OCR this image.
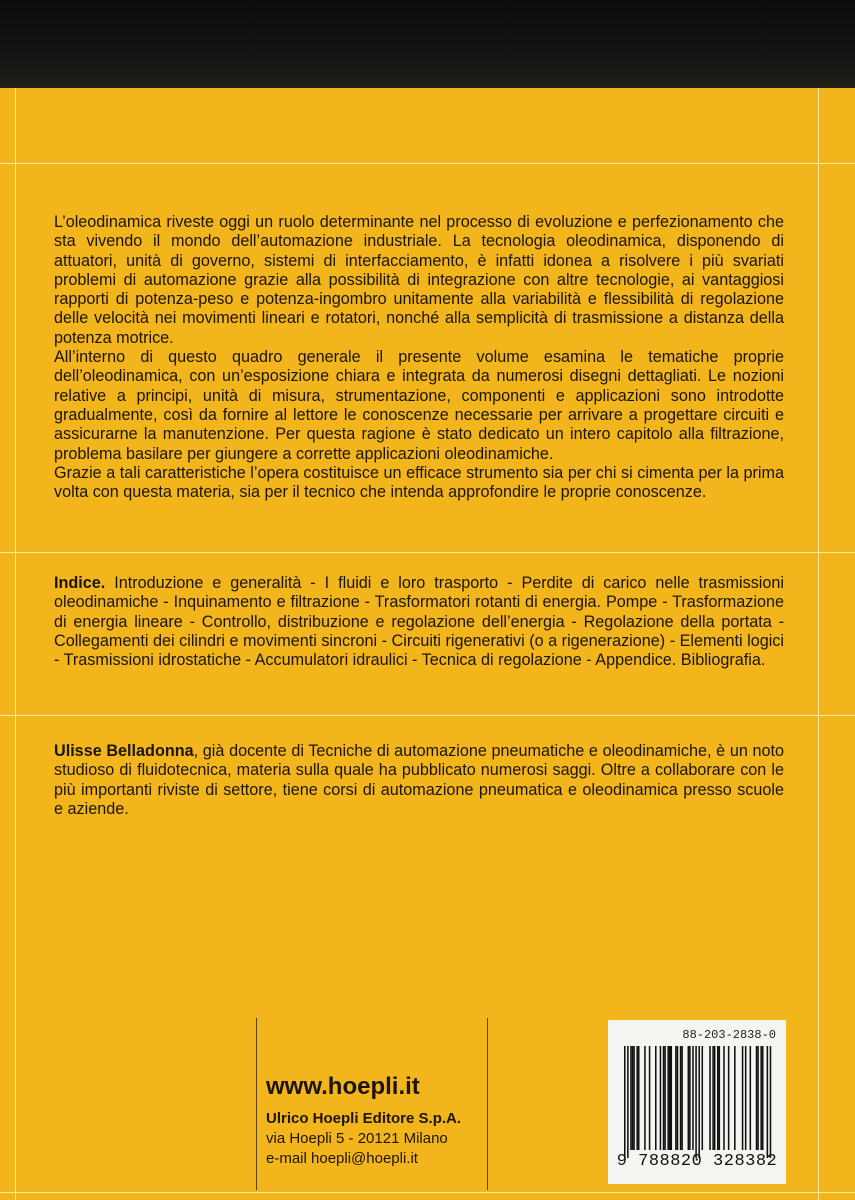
L’oleodinamica riveste oggi un ruolo determinante nel processo di evoluzione e perfezionamento che sta vivendo il mondo dell’automazione industriale. La tecnologia oleodinamica, disponendo di attuatori, unità di governo, sistemi di interfacciamento, è infatti idonea a risolvere i più svariati problemi di automazione grazie alla possibilità di integrazione con altre tecnologie, ai vantaggiosi rapporti di potenza-peso e potenza-ingombro unitamente alla variabilità e flessibilità di regolazione delle velocità nei movimenti lineari e rotatori, nonché alla semplicità di trasmissione a distanza della potenza motrice.

All’interno di questo quadro generale il presente volume esamina le tematiche proprie dell’oleodinamica, con un’esposizione chiara e integrata da numerosi disegni dettagliati. Le nozioni relative a principi, unità di misura, strumentazione, componenti e applicazioni sono introdotte gradualmente, così da fornire al lettore le conoscenze necessarie per arrivare a progettare circuiti e assicurarne la manutenzione. Per questa ragione è stato dedicato un intero capitolo alla filtrazione, problema basilare per giungere a corrette applicazioni oleodinamiche.

Grazie a tali caratteristiche l’opera costituisce un efficace strumento sia per chi si cimenta per la prima volta con questa materia, sia per il tecnico che intenda approfondire le proprie conoscenze.

Indice. Introduzione e generalità - I fluidi e loro trasporto - Perdite di carico nelle trasmissioni oleodinamiche - Inquinamento e filtrazione - Trasformatori rotanti di energia. Pompe - Trasformazione di energia lineare - Controllo, distribuzione e regolazione dell’energia - Regolazione della portata - Collegamenti dei cilindri e movimenti sincroni - Circuiti rigenerativi (o a rigenerazione) - Elementi logici - Trasmissioni idrostatiche - Accumulatori idraulici - Tecnica di regolazione - Appendice. Bibliografia.

Ulisse Belladonna, già docente di Tecniche di automazione pneumatiche e oleodinamiche, è un noto studioso di fluidotecnica, materia sulla quale ha pubblicato numerosi saggi. Oltre a collaborare con le più importanti riviste di settore, tiene corsi di automazione pneumatica e oleodinamica presso scuole e aziende.

www.hoepli.it
Ulrico Hoepli Editore S.p.A.
via Hoepli 5 - 20121 Milano
e-mail hoepli@hoepli.it
88-203-2838-0
9 788820 328382
